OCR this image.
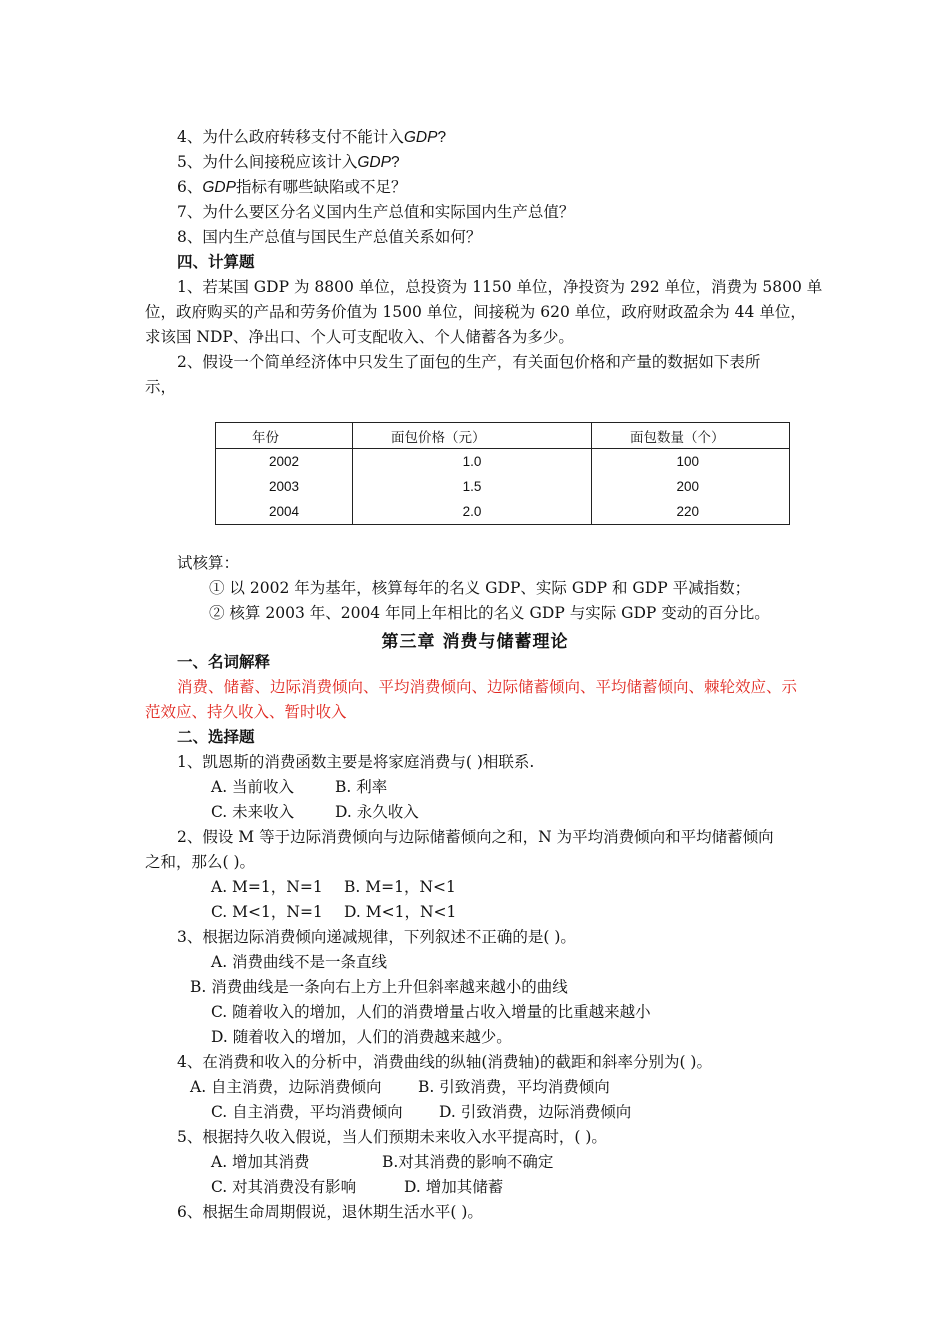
4、为什么政府转移支付不能计入GDP?
5、为什么间接税应该计入GDP?
6、GDP指标有哪些缺陷或不足？
7、为什么要区分名义国内生产总值和实际国内生产总值？
8、国内生产总值与国民生产总值关系如何？
四、计算题
1、若某国 GDP 为 8800 单位，总投资为 1150 单位，净投资为 292 单位，消费为 5800 单
位，政府购买的产品和劳务价值为 1500 单位，间接税为 620 单位，政府财政盈余为 44 单位，
求该国 NDP、净出口、个人可支配收入、个人储蓄各为多少。
2、假设一个简单经济体中只发生了面包的生产，有关面包价格和产量的数据如下表所
示，
年份	面包价格（元）	面包数量（个）
2002	1.0	100
2003	1.5	200
2004	2.0	220
试核算：
① 以 2002 年为基年，核算每年的名义 GDP、实际 GDP 和 GDP 平减指数；
② 核算 2003 年、2004 年同上年相比的名义 GDP 与实际 GDP 变动的百分比。
第三章 消费与储蓄理论
一、名词解释
消费、储蓄、边际消费倾向、平均消费倾向、边际储蓄倾向、平均储蓄倾向、棘轮效应、示
范效应、持久收入、暂时收入
二、选择题
1、凯恩斯的消费函数主要是将家庭消费与( )相联系.
A. 当前收入	B. 利率
C. 未来收入	D. 永久收入
2、假设 M 等于边际消费倾向与边际储蓄倾向之和，N 为平均消费倾向和平均储蓄倾向
之和，那么( )。
A. M=1，N=1 B. M=1，N<1
C. M<1，N=1 D. M<1，N<1
3、根据边际消费倾向递减规律，下列叙述不正确的是( )。
A. 消费曲线不是一条直线
B. 消费曲线是一条向右上方上升但斜率越来越小的曲线
C. 随着收入的增加，人们的消费增量占收入增量的比重越来越小
D. 随着收入的增加，人们的消费越来越少。
4、在消费和收入的分析中，消费曲线的纵轴(消费轴)的截距和斜率分别为( )。
A. 自主消费，边际消费倾向 B. 引致消费，平均消费倾向
C. 自主消费，平均消费倾向 D. 引致消费，边际消费倾向
5、根据持久收入假说，当人们预期未来收入水平提高时，( )。
A. 增加其消费	B.对其消费的影响不确定
C. 对其消费没有影响	D. 增加其储蓄
6、根据生命周期假说，退休期生活水平( )。
